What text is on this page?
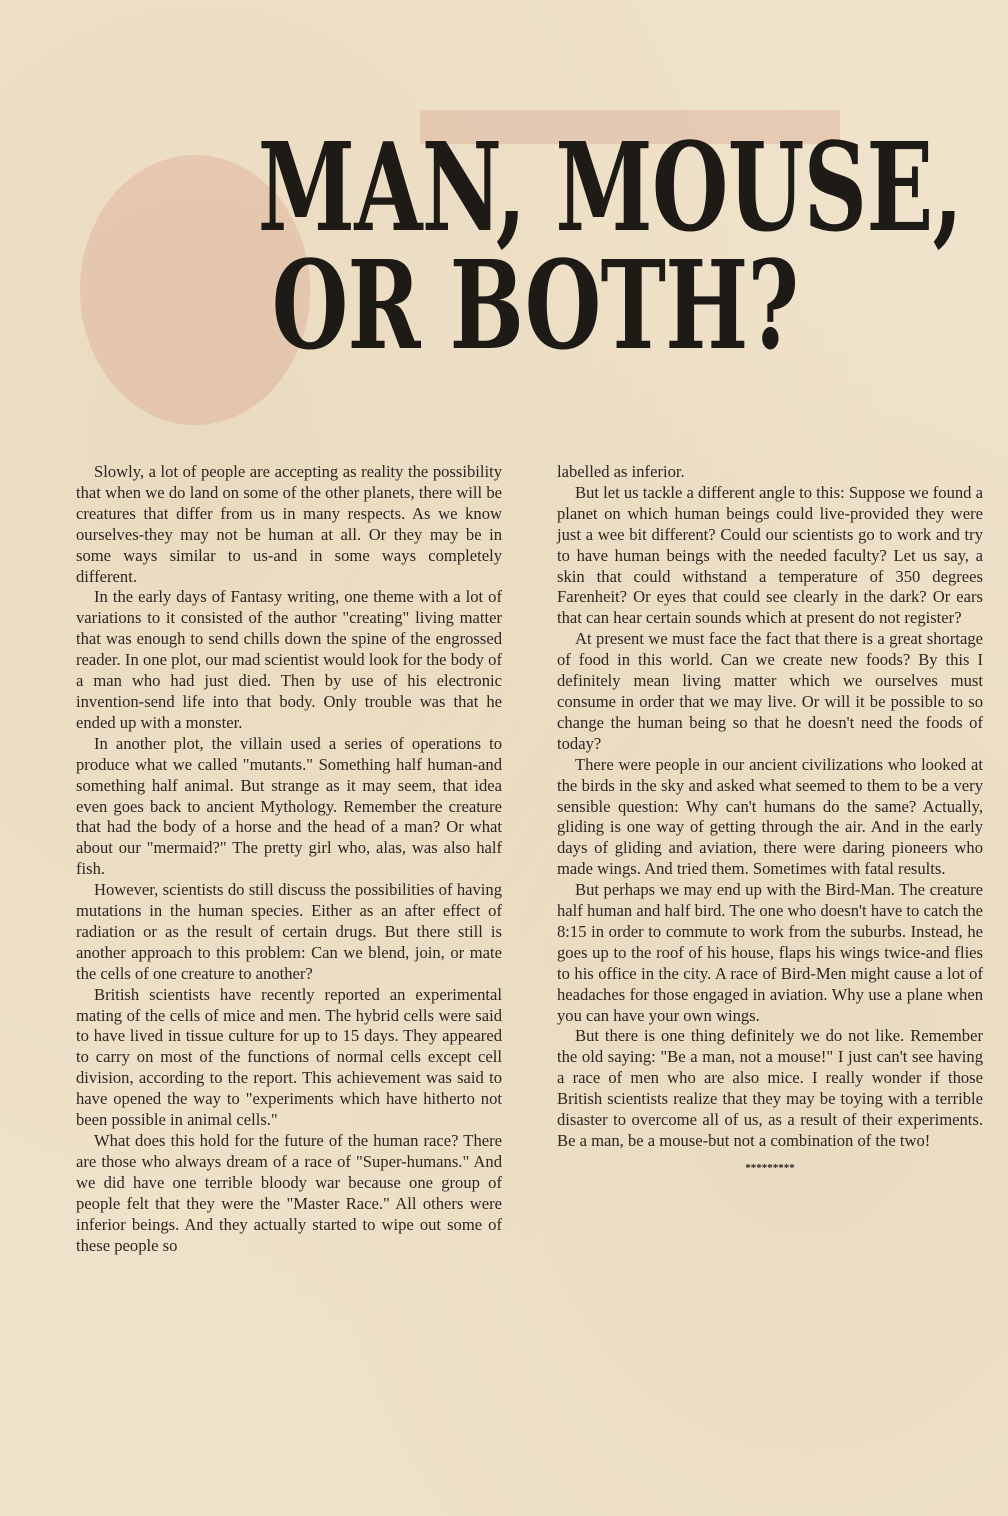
MAN, MOUSE,
OR BOTH?

Slowly, a lot of people are accepting as reality the possibility that when we do land on some of the other planets, there will be creatures that differ from us in many respects. As we know ourselves-they may not be human at all. Or they may be in some ways similar to us-and in some ways completely different.

In the early days of Fantasy writing, one theme with a lot of variations to it consisted of the author "creating" living matter that was enough to send chills down the spine of the engrossed reader. In one plot, our mad scientist would look for the body of a man who had just died. Then by use of his electronic invention-send life into that body. Only trouble was that he ended up with a monster.

In another plot, the villain used a series of operations to produce what we called "mutants." Something half human-and something half animal. But strange as it may seem, that idea even goes back to ancient Mythology. Remember the creature that had the body of a horse and the head of a man? Or what about our "mermaid?" The pretty girl who, alas, was also half fish.

However, scientists do still discuss the possibilities of having mutations in the human species. Either as an after effect of radiation or as the result of certain drugs. But there still is another approach to this problem: Can we blend, join, or mate the cells of one creature to another?

British scientists have recently reported an experimental mating of the cells of mice and men. The hybrid cells were said to have lived in tissue culture for up to 15 days. They appeared to carry on most of the functions of normal cells except cell division, according to the report. This achievement was said to have opened the way to "experiments which have hitherto not been possible in animal cells."

What does this hold for the future of the human race? There are those who always dream of a race of "Super-humans." And we did have one terrible bloody war because one group of people felt that they were the "Master Race." All others were inferior beings. And they actually started to wipe out some of these people so

labelled as inferior.

But let us tackle a different angle to this: Suppose we found a planet on which human beings could live-provided they were just a wee bit different? Could our scientists go to work and try to have human beings with the needed faculty? Let us say, a skin that could withstand a temperature of 350 degrees Farenheit? Or eyes that could see clearly in the dark? Or ears that can hear certain sounds which at present do not register?

At present we must face the fact that there is a great shortage of food in this world. Can we create new foods? By this I definitely mean living matter which we ourselves must consume in order that we may live. Or will it be possible to so change the human being so that he doesn't need the foods of today?

There were people in our ancient civilizations who looked at the birds in the sky and asked what seemed to them to be a very sensible question: Why can't humans do the same? Actually, gliding is one way of getting through the air. And in the early days of gliding and aviation, there were daring pioneers who made wings. And tried them. Sometimes with fatal results.

But perhaps we may end up with the Bird-Man. The creature half human and half bird. The one who doesn't have to catch the 8:15 in order to commute to work from the suburbs. Instead, he goes up to the roof of his house, flaps his wings twice-and flies to his office in the city. A race of Bird-Men might cause a lot of headaches for those engaged in aviation. Why use a plane when you can have your own wings.

But there is one thing definitely we do not like. Remember the old saying: "Be a man, not a mouse!" I just can't see having a race of men who are also mice. I really wonder if those British scientists realize that they may be toying with a terrible disaster to overcome all of us, as a result of their experiments. Be a man, be a mouse-but not a combination of the two!

*********
